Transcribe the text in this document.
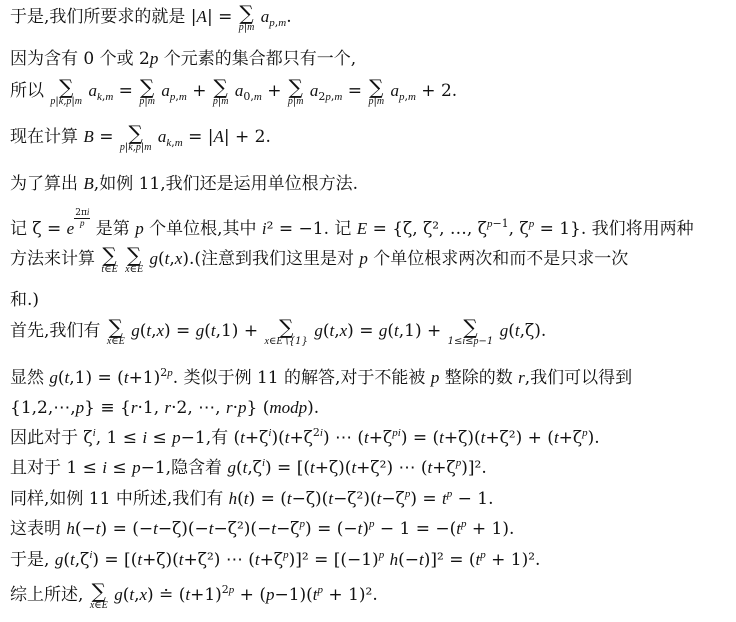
于是,我们所要求的就是 |A| = ∑
p|m
$a_{p,m}$.
因为含有 0 个或 2p 个元素的集合都只有一个,
所以 ∑
p|k,p|m
$a_{k,m}$ = ∑
p|m
$a_{p,m}$ + ∑
p|m
$a_{0,m}$ + ∑
p|m
$a_{2p,m}$ = ∑
p|m
$a_{p,m} + 2$.
现在计算 B = ∑
p|k,p|m
$a_{k,m} = |A| + 2$.
为了算出 B,如例 11,我们还是运用单位根方法.
记 ζ = e $\frac{2\pi i}{p}$ 是第 p 个单位根,其中 i² = −1. 记 E = {ζ, ζ², …, $\zeta^{p-1}$, $\zeta^p = 1$}. 我们将用两种
方法来计算 ∑
t∈E

∑
x∈E
g(t,x).(注意到我们这里是对 p 个单位根求两次和而不是只求一次
和.)
首先,我们有 ∑
x∈E
g(t,x) = g(t,1) + ∑
x∈E∖{1}
g(t,x) = g(t,1) + ∑
1≤i≤p−1
g(t,ζ).
显然 $g(t,1) = (t+1)^{2p}$. 类似于例 11 的解答,对于不能被 p 整除的数 r,我们可以得到
{1,2,⋯,p} ≡ {r·1, r·2, ⋯, r·p} (modp).
因此对于 $\zeta^i$, 1 ≤ i ≤ p−1,有 $(t+\zeta^i)(t+\zeta^{2i})$ ⋯ $(t+\zeta^{pi}) = (t+\zeta)(t+\zeta^2) + (t+\zeta^p)$.
且对于 1 ≤ i ≤ p−1,隐含着 $g(t,\zeta^i) = [(t+\zeta)(t+\zeta^2)$ ⋯ $(t+\zeta^p)]^2$.
同样,如例 11 中所述,我们有 $h(t) = (t-\zeta)(t-\zeta^2)(t-\zeta^p) = t^p - 1$.
这表明 $h(-t) = (-t-\zeta)(-t-\zeta^2)(-t-\zeta^p) = (-t)^p - 1 = -(t^p + 1)$.
于是, $g(t,\zeta^i) = [(t+\zeta)(t+\zeta^2)$ ⋯ $(t+\zeta^p)]^2 = [(-1)^p$ $h(-t)]^2 = (t^p + 1)^2$.
综上所述, ∑
x∈E
g(t,x) ≐ $(t+1)^{2p} + (p-1)(t^p + 1)^2$.
